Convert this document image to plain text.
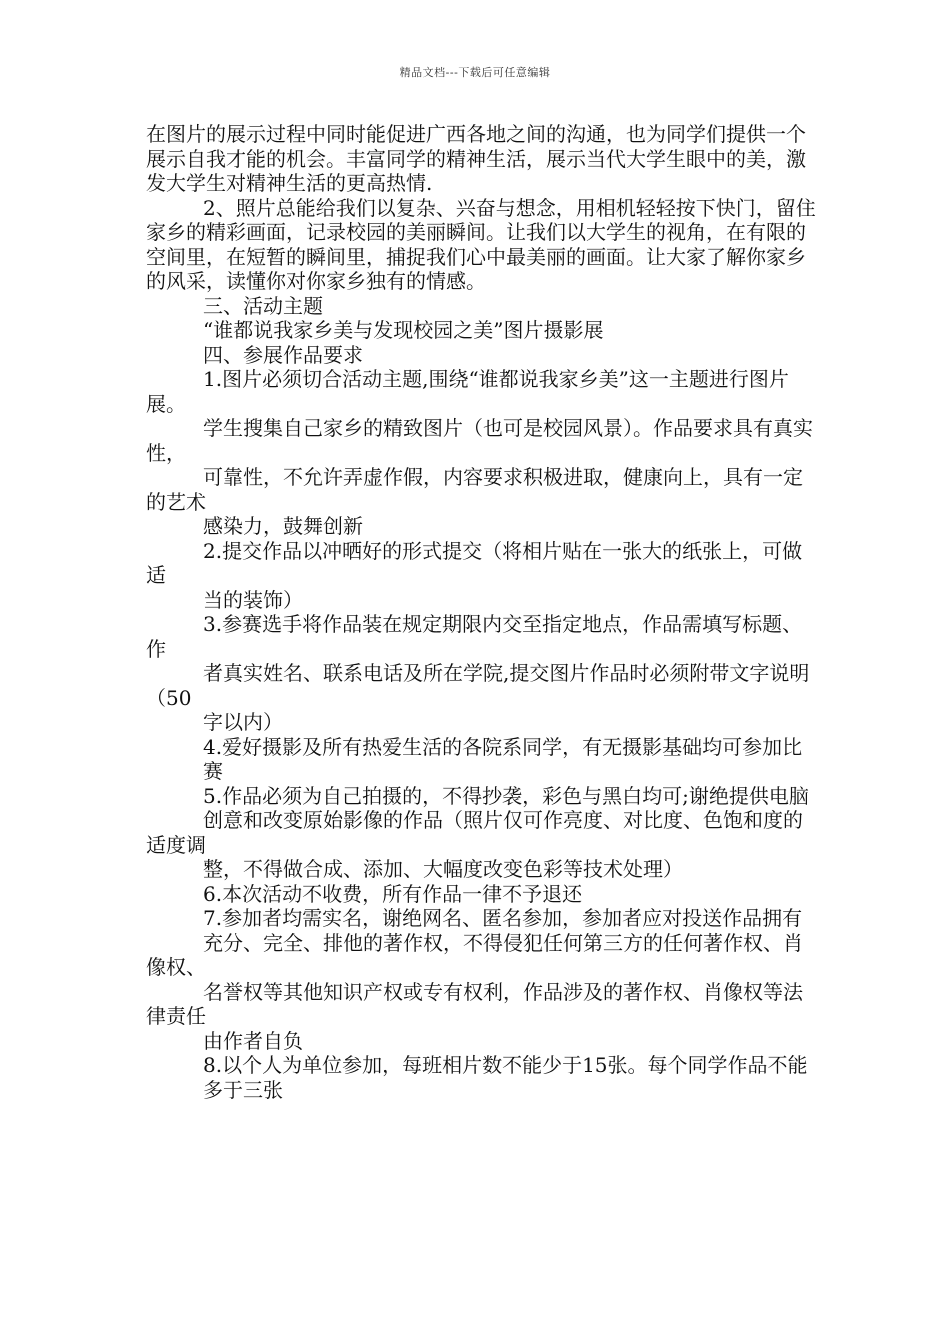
精品文档---下载后可任意编辑

在图片的展示过程中同时能促进广西各地之间的沟通，也为同学们提供一个展示自我才能的机会。丰富同学的精神生活，展示当代大学生眼中的美，激发大学生对精神生活的更高热情.

2、照片总能给我们以复杂、兴奋与想念，用相机轻轻按下快门，留住家乡的精彩画面，记录校园的美丽瞬间。让我们以大学生的视角，在有限的空间里，在短暂的瞬间里，捕捉我们心中最美丽的画面。让大家了解你家乡的风采，读懂你对你家乡独有的情感。

三、活动主题

“谁都说我家乡美与发现校园之美”图片摄影展

四、参展作品要求

1.图片必须切合活动主题,围绕“谁都说我家乡美”这一主题进行图片展。

学生搜集自己家乡的精致图片（也可是校园风景）。作品要求具有真实性，

可靠性，不允许弄虚作假，内容要求积极进取，健康向上，具有一定的艺术

感染力，鼓舞创新

2.提交作品以冲晒好的形式提交（将相片贴在一张大的纸张上，可做适

当的装饰）

3.参赛选手将作品装在规定期限内交至指定地点，作品需填写标题、作

者真实姓名、联系电话及所在学院,提交图片作品时必须附带文字说明（50

字以内）

4.爱好摄影及所有热爱生活的各院系同学，有无摄影基础均可参加比

赛

5.作品必须为自己拍摄的，不得抄袭，彩色与黑白均可;谢绝提供电脑

创意和改变原始影像的作品（照片仅可作亮度、对比度、色饱和度的适度调

整，不得做合成、添加、大幅度改变色彩等技术处理）

6.本次活动不收费，所有作品一律不予退还

7.参加者均需实名，谢绝网名、匿名参加，参加者应对投送作品拥有

充分、完全、排他的著作权，不得侵犯任何第三方的任何著作权、肖像权、

名誉权等其他知识产权或专有权利，作品涉及的著作权、肖像权等法律责任

由作者自负

8.以个人为单位参加，每班相片数不能少于15张。每个同学作品不能

多于三张
